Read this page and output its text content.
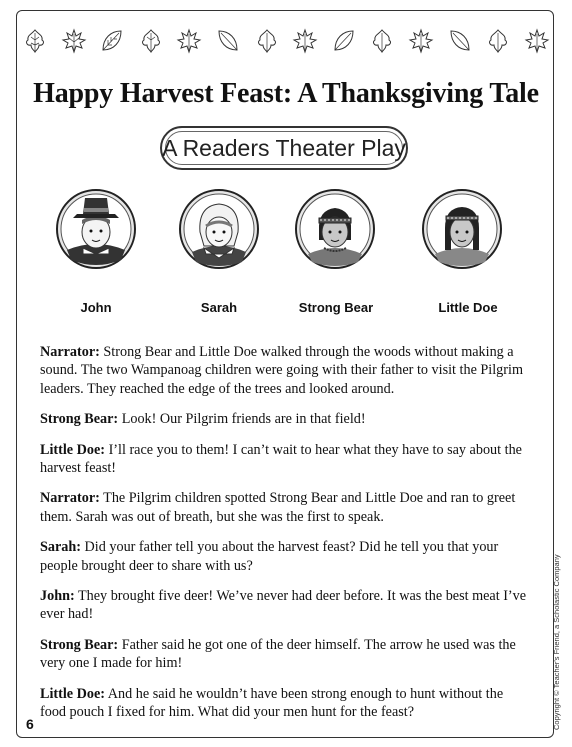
Happy Harvest Feast: A Thanksgiving Tale
A Readers Theater Play
John	Sarah	Strong Bear	Little Doe

Narrator: Strong Bear and Little Doe walked through the woods without making a sound. The two Wampanoag children were going with their father to visit the Pilgrim leaders. They reached the edge of the trees and looked around.

Strong Bear: Look! Our Pilgrim friends are in that field!

Little Doe: I’ll race you to them! I can’t wait to hear what they have to say about the harvest feast!

Narrator: The Pilgrim children spotted Strong Bear and Little Doe and ran to greet them. Sarah was out of breath, but she was the first to speak.

Sarah: Did your father tell you about the harvest feast? Did he tell you that your people brought deer to share with us?

John: They brought five deer! We’ve never had deer before. It was the best meat I’ve ever had!

Strong Bear: Father said he got one of the deer himself. The arrow he used was the very one I made for him!

Little Doe: And he said he wouldn’t have been strong enough to hunt without the food pouch I fixed for him. What did your men hunt for the feast?

6	Copyright © Teacher's Friend, a Scholastic Company
